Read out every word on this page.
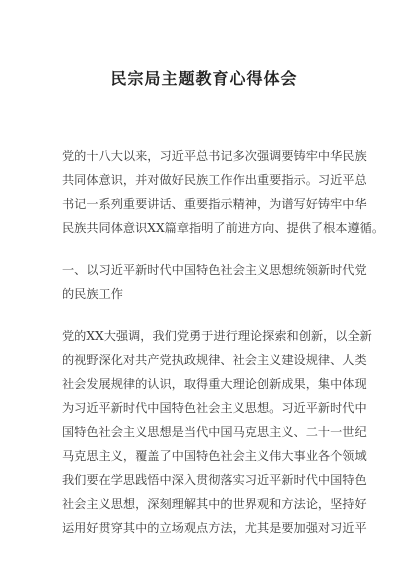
民宗局主题教育心得体会
党的十八大以来，习近平总书记多次强调要铸牢中华民族
共同体意识，并对做好民族工作作出重要指示。习近平总
书记一系列重要讲话、重要指示精神，为谱写好铸牢中华
民族共同体意识XX篇章指明了前进方向、提供了根本遵循。
一、以习近平新时代中国特色社会主义思想统领新时代党
的民族工作
党的XX大强调，我们党勇于进行理论探索和创新，以全新
的视野深化对共产党执政规律、社会主义建设规律、人类
社会发展规律的认识，取得重大理论创新成果，集中体现
为习近平新时代中国特色社会主义思想。习近平新时代中
国特色社会主义思想是当代中国马克思主义、二十一世纪
马克思主义，覆盖了中国特色社会主义伟大事业各个领域
我们要在学思践悟中深入贯彻落实习近平新时代中国特色
社会主义思想，深刻理解其中的世界观和方法论，坚持好
运用好贯穿其中的立场观点方法，尤其是要加强对习近平
